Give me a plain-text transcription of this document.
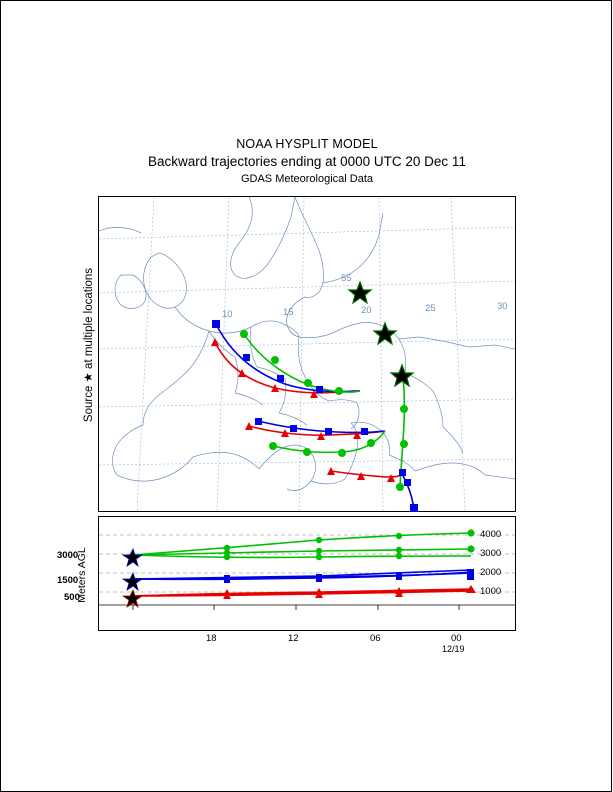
NOAA HYSPLIT MODEL
Backward trajectories ending at 0000 UTC 20 Dec 11
GDAS Meteorological Data
Source ★ at multiple locations
Meters AGL
10	15	20	25	30
55
3000
1500
500
4000
3000
2000
1000
18	12	06	00
12/19
